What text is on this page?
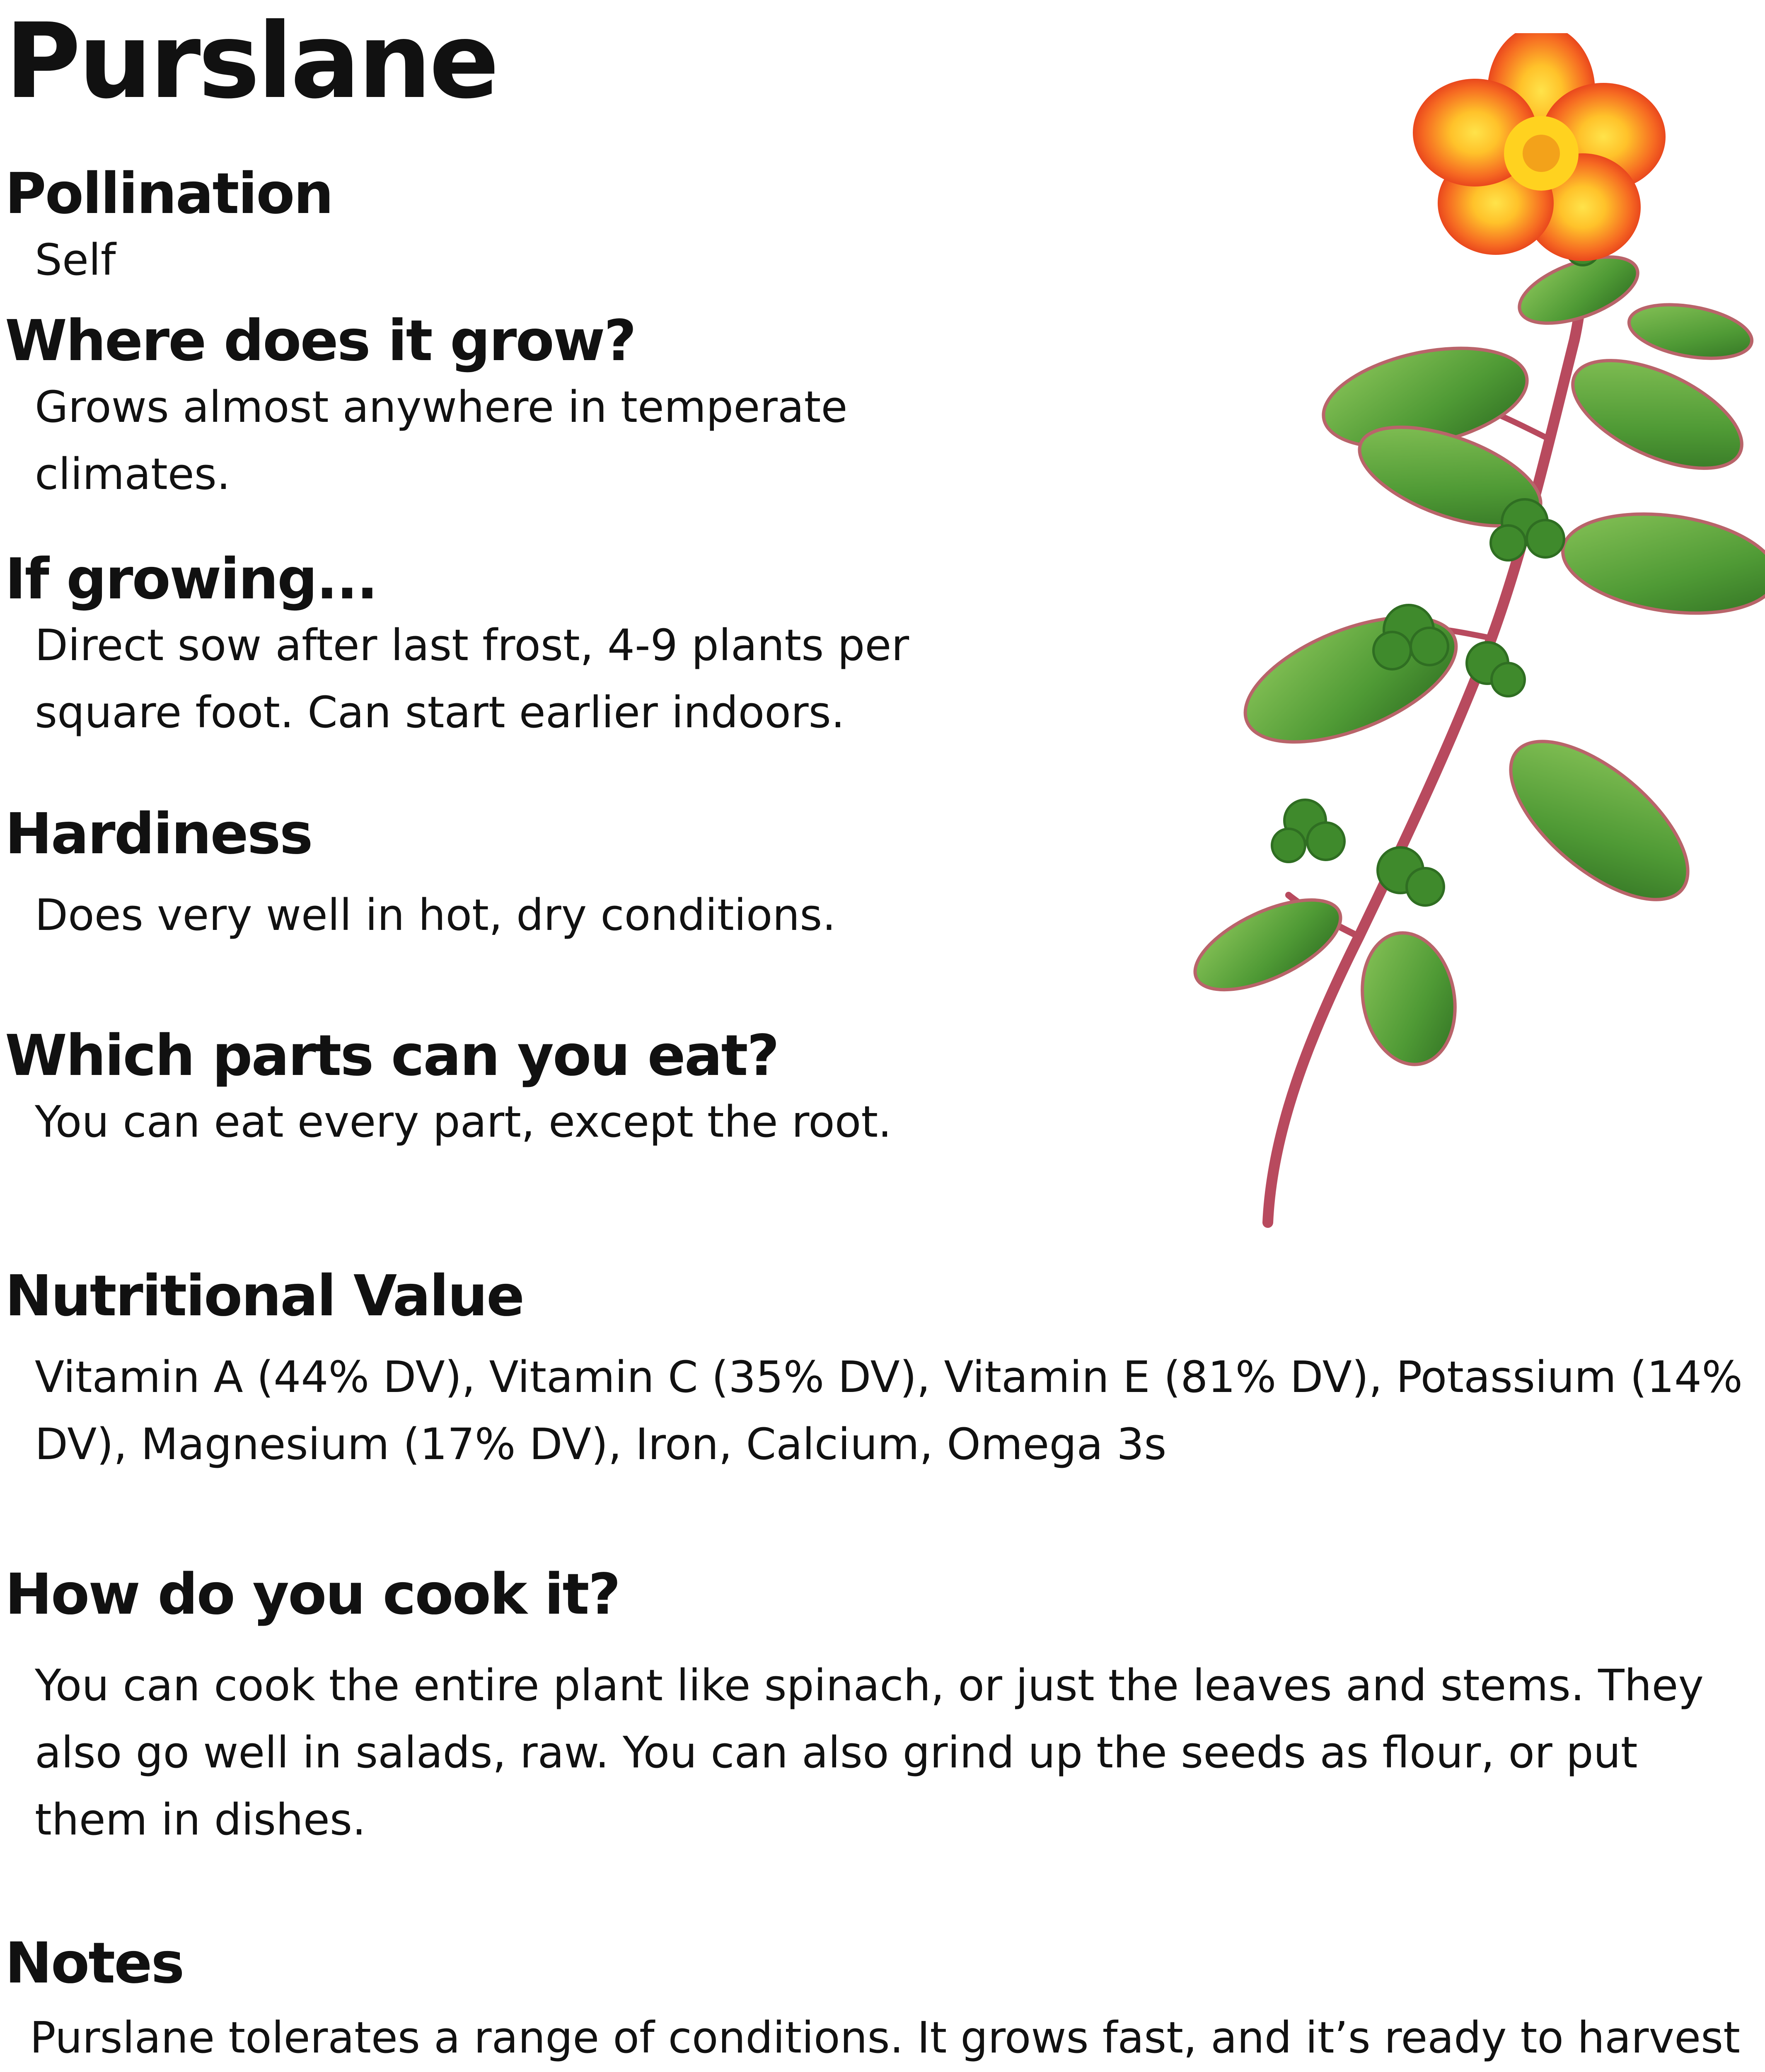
Purslane
Pollination

Self

Where does it grow?

Grows almost anywhere in temperate climates.

If growing...

Direct sow after last frost, 4-9 plants per square foot. Can start earlier indoors.

Hardiness

Does very well in hot, dry conditions.

Which parts can you eat?

You can eat every part, except the root.

Nutritional Value

Vitamin A (44% DV), Vitamin C (35% DV), Vitamin E (81% DV), Potassium (14% DV), Magnesium (17% DV), Iron, Calcium, Omega 3s

How do you cook it?

You can cook the entire plant like spinach, or just the leaves and stems. They also go well in salads, raw. You can also grind up the seeds as flour, or put them in dishes.

Notes

Purslane tolerates a range of conditions. It grows fast, and it’s ready to harvest
